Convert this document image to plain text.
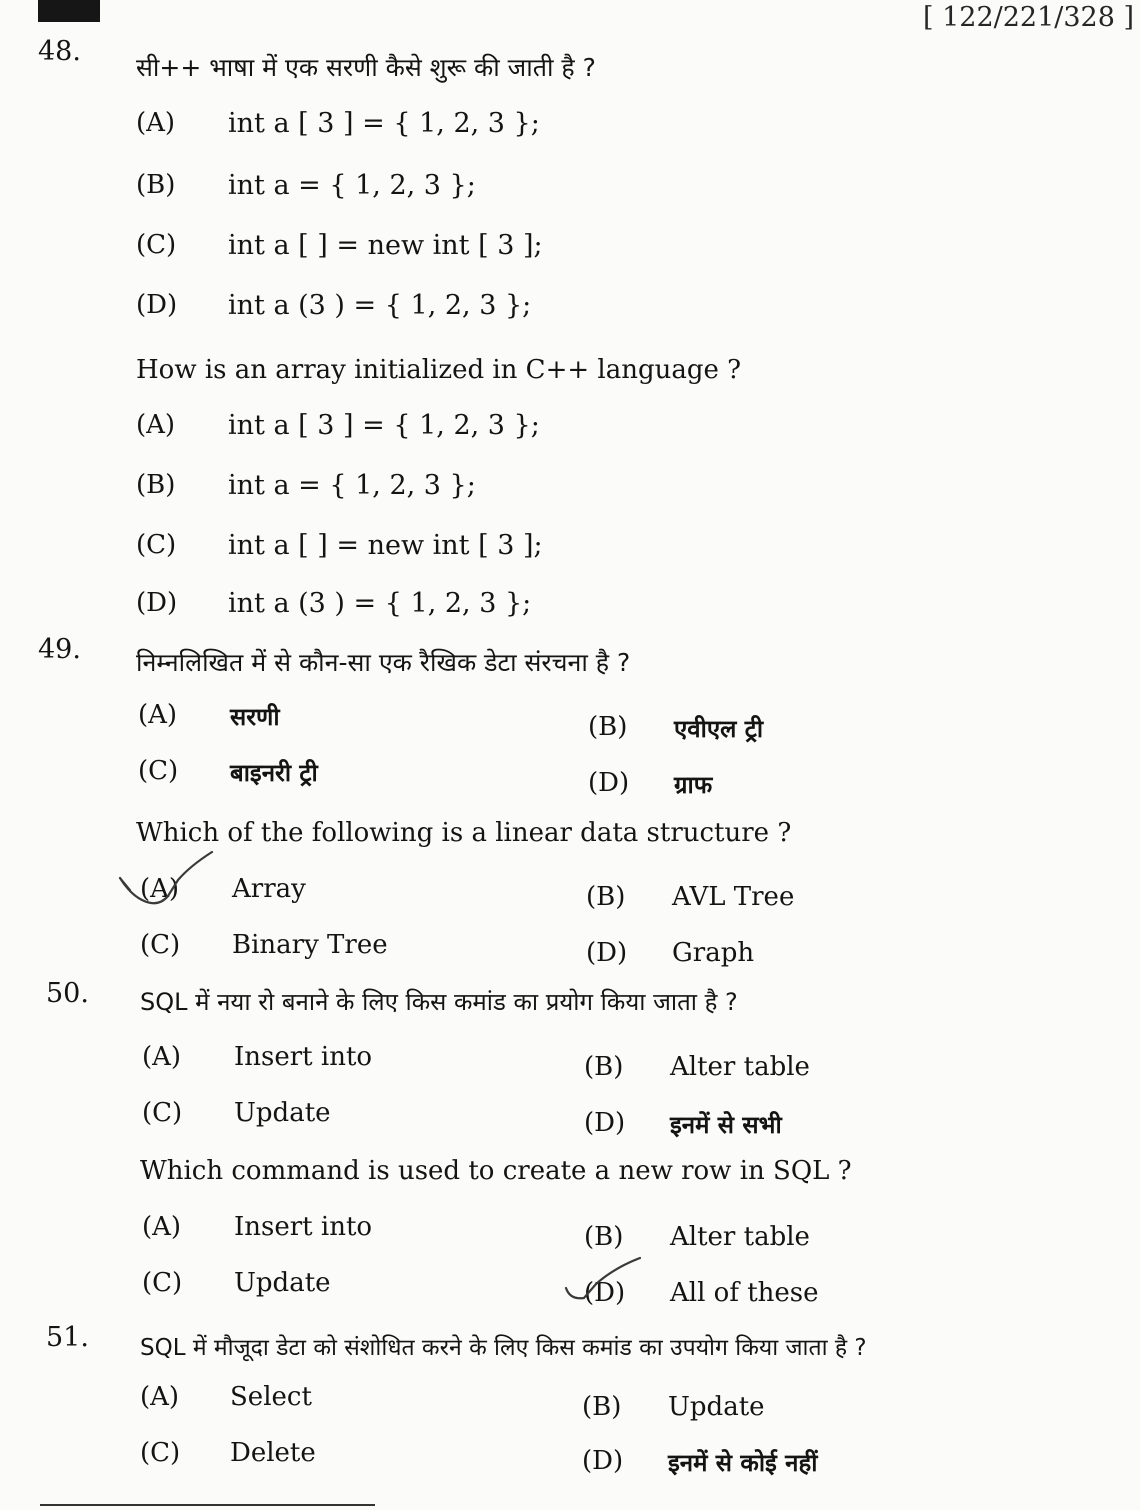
[ 122/221/328 ]
48.
सी++ भाषा में एक सरणी कैसे शुरू की जाती है ?
(A) int a [ 3 ] = { 1, 2, 3 };
(B) int a = { 1, 2, 3 };
(C) int a [ ] = new int [ 3 ];
(D) int a (3 ) = { 1, 2, 3 };
How is an array initialized in C++ language ?
(A) int a [ 3 ] = { 1, 2, 3 };
(B) int a = { 1, 2, 3 };
(C) int a [ ] = new int [ 3 ];
(D) int a (3 ) = { 1, 2, 3 };
49. निम्नलिखित में से कौन-सा एक रैखिक डेटा संरचना है ?
(A) सरणी	(B) एवीएल ट्री
(C) बाइनरी ट्री	(D) ग्राफ
Which of the following is a linear data structure ?
(A) Array	(B) AVL Tree
(C) Binary Tree	(D) Graph
50. SQL में नया रो बनाने के लिए किस कमांड का प्रयोग किया जाता है ?
(A) Insert into	(B) Alter table
(C) Update	(D) इनमें से सभी
Which command is used to create a new row in SQL ?
(A) Insert into	(B) Alter table
(C) Update	(D) All of these
51. SQL में मौजूदा डेटा को संशोधित करने के लिए किस कमांड का उपयोग किया जाता है ?
(A) Select	(B) Update
(C) Delete	(D) इनमें से कोई नहीं
